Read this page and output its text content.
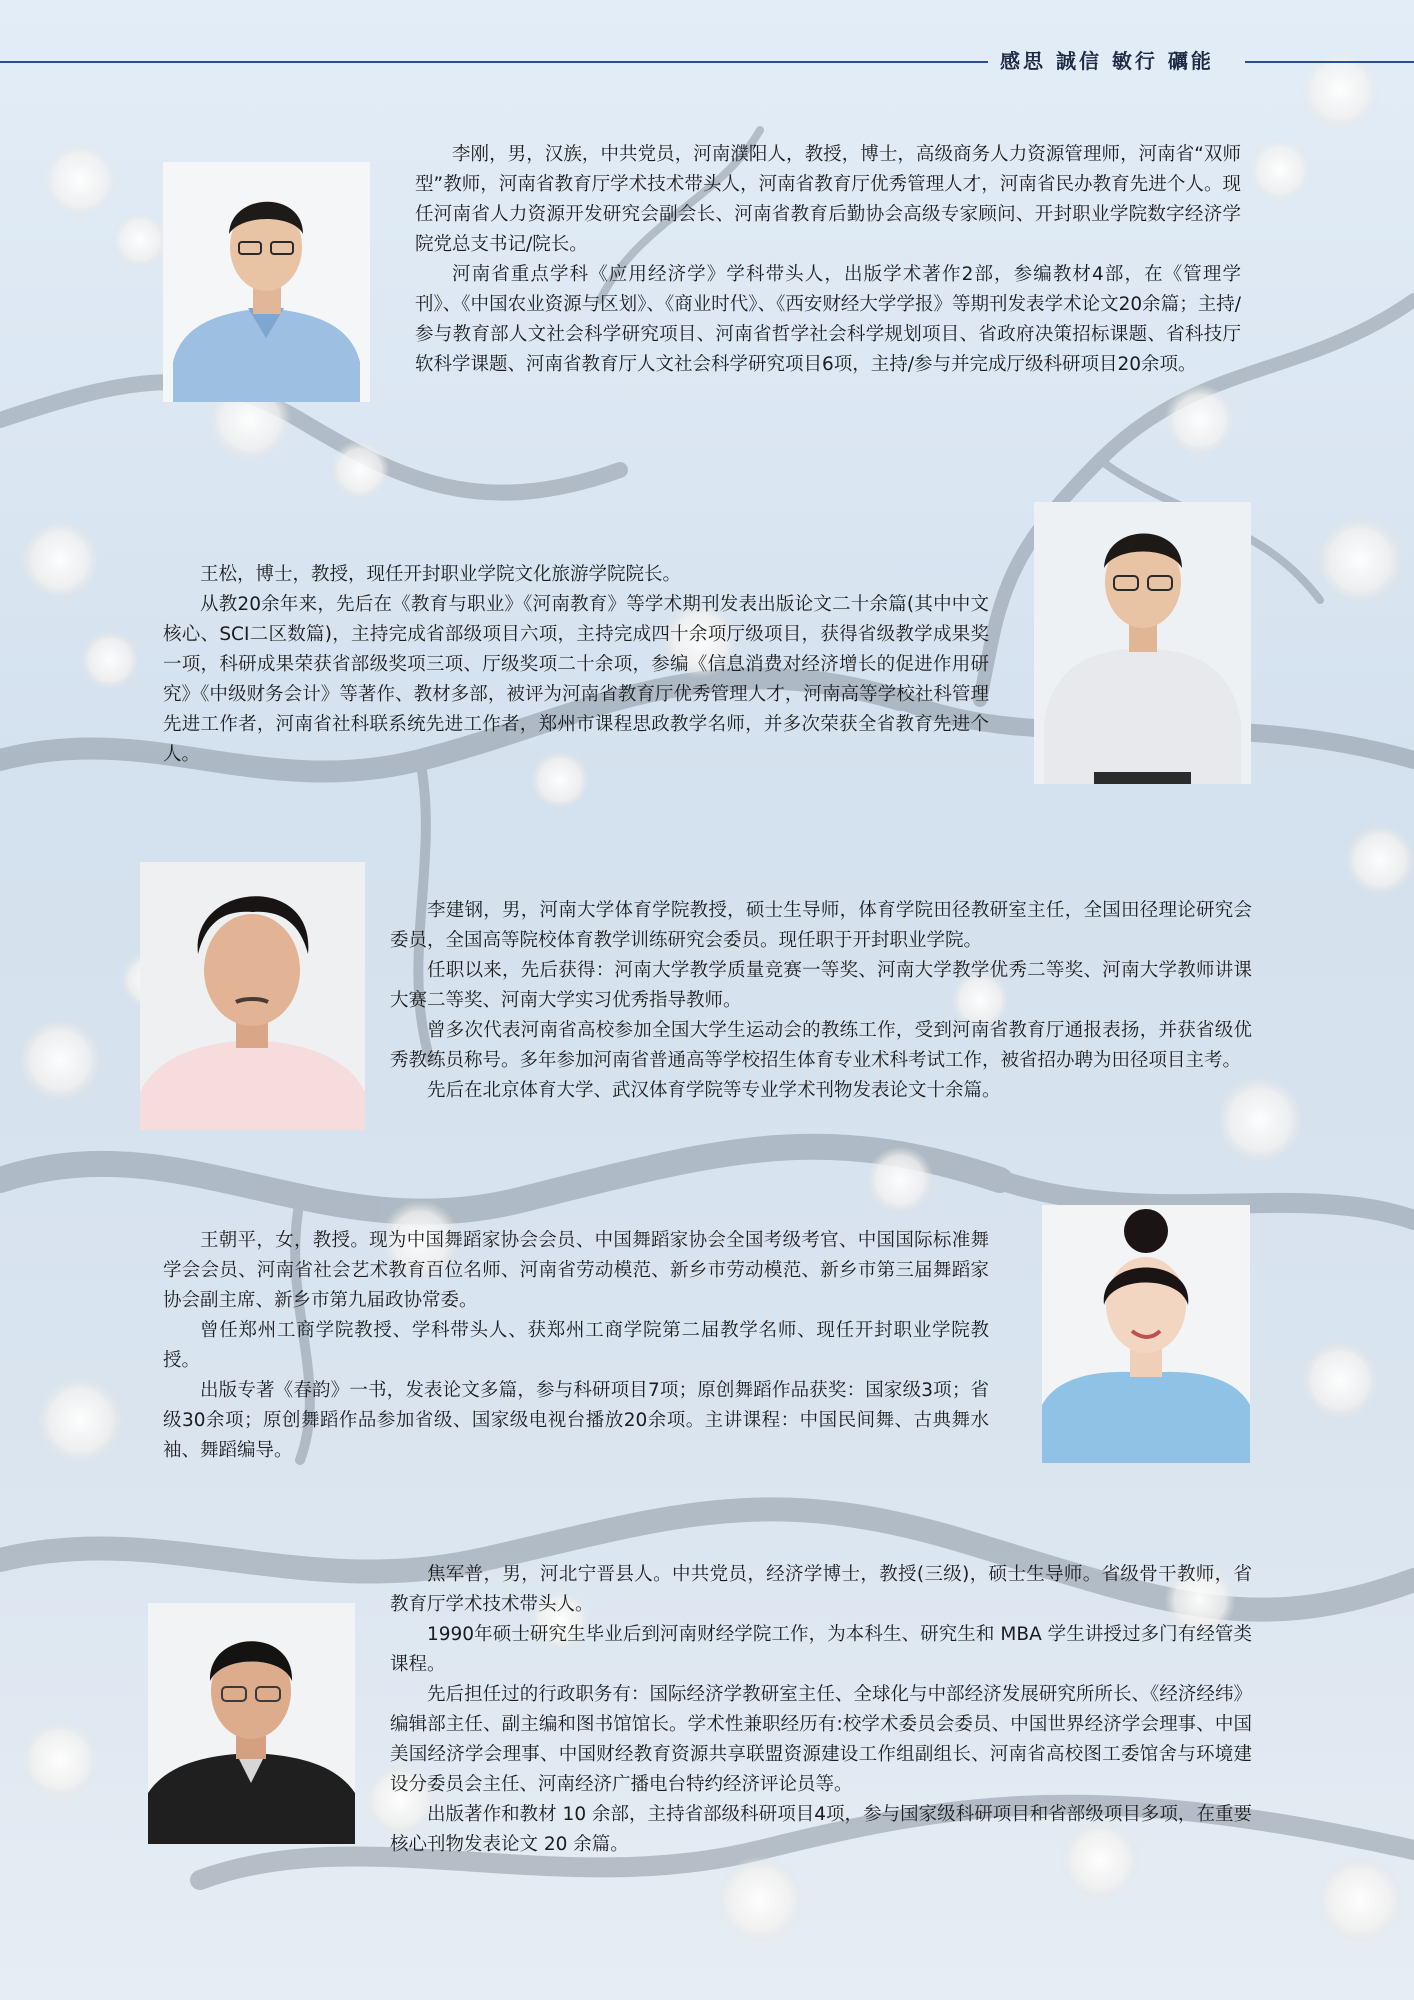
感思 誠信 敏行 礪能

李刚，男，汉族，中共党员，河南濮阳人，教授，博士，高级商务人力资源管理师，河南省“双师型”教师，河南省教育厅学术技术带头人，河南省教育厅优秀管理人才，河南省民办教育先进个人。现任河南省人力资源开发研究会副会长、河南省教育后勤协会高级专家顾问、开封职业学院数字经济学院党总支书记/院长。

河南省重点学科《应用经济学》学科带头人，出版学术著作2部，参编教材4部，在《管理学刊》、《中国农业资源与区划》、《商业时代》、《西安财经大学学报》等期刊发表学术论文20余篇；主持/参与教育部人文社会科学研究项目、河南省哲学社会科学规划项目、省政府决策招标课题、省科技厅软科学课题、河南省教育厅人文社会科学研究项目6项，主持/参与并完成厅级科研项目20余项。

王松，博士，教授，现任开封职业学院文化旅游学院院长。

从教20余年来，先后在《教育与职业》《河南教育》等学术期刊发表出版论文二十余篇(其中中文核心、SCI二区数篇)，主持完成省部级项目六项，主持完成四十余项厅级项目，获得省级教学成果奖一项，科研成果荣获省部级奖项三项、厅级奖项二十余项，参编《信息消费对经济增长的促进作用研究》《中级财务会计》等著作、教材多部，被评为河南省教育厅优秀管理人才，河南高等学校社科管理先进工作者，河南省社科联系统先进工作者，郑州市课程思政教学名师，并多次荣获全省教育先进个人。

李建钢，男，河南大学体育学院教授，硕士生导师，体育学院田径教研室主任，全国田径理论研究会委员，全国高等院校体育教学训练研究会委员。现任职于开封职业学院。

任职以来，先后获得：河南大学教学质量竞赛一等奖、河南大学教学优秀二等奖、河南大学教师讲课大赛二等奖、河南大学实习优秀指导教师。

曾多次代表河南省高校参加全国大学生运动会的教练工作，受到河南省教育厅通报表扬，并获省级优秀教练员称号。多年参加河南省普通高等学校招生体育专业术科考试工作，被省招办聘为田径项目主考。

先后在北京体育大学、武汉体育学院等专业学术刊物发表论文十余篇。

王朝平，女，教授。现为中国舞蹈家协会会员、中国舞蹈家协会全国考级考官、中国国际标准舞学会会员、河南省社会艺术教育百位名师、河南省劳动模范、新乡市劳动模范、新乡市第三届舞蹈家协会副主席、新乡市第九届政协常委。

曾任郑州工商学院教授、学科带头人、获郑州工商学院第二届教学名师、现任开封职业学院教授。

出版专著《春韵》一书，发表论文多篇，参与科研项目7项；原创舞蹈作品获奖：国家级3项；省级30余项；原创舞蹈作品参加省级、国家级电视台播放20余项。主讲课程：中国民间舞、古典舞水袖、舞蹈编导。

焦军普，男，河北宁晋县人。中共党员，经济学博士，教授(三级)，硕士生导师。省级骨干教师，省教育厅学术技术带头人。

1990年硕士研究生毕业后到河南财经学院工作，为本科生、研究生和 MBA 学生讲授过多门有经管类课程。

先后担任过的行政职务有：国际经济学教研室主任、全球化与中部经济发展研究所所长、《经济经纬》编辑部主任、副主编和图书馆馆长。学术性兼职经历有:校学术委员会委员、中国世界经济学会理事、中国美国经济学会理事、中国财经教育资源共享联盟资源建设工作组副组长、河南省高校图工委馆舍与环境建设分委员会主任、河南经济广播电台特约经济评论员等。

出版著作和教材 10 余部，主持省部级科研项目4项，参与国家级科研项目和省部级项目多项，在重要核心刊物发表论文 20 余篇。
